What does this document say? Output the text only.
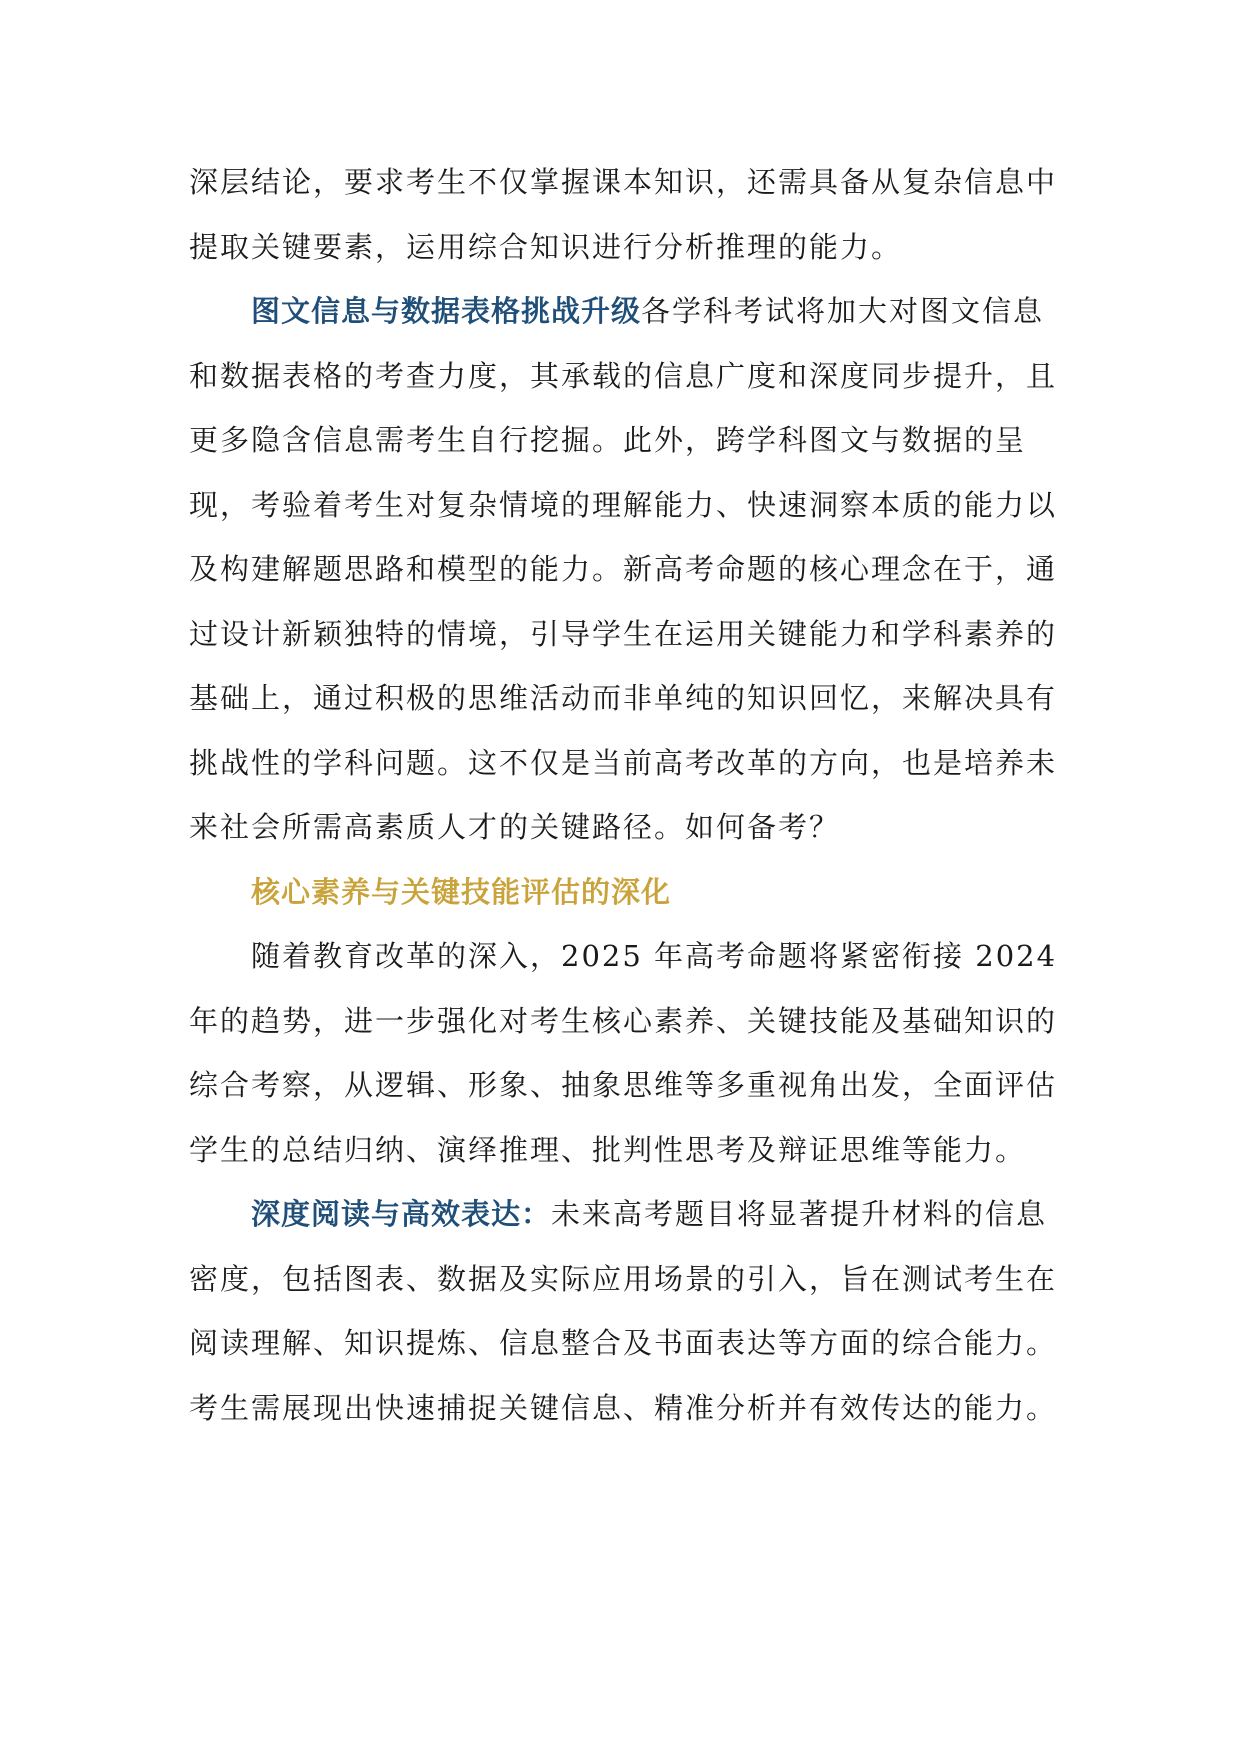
深层结论，要求考生不仅掌握课本知识，还需具备从复杂信息中提取关键要素，运用综合知识进行分析推理的能力。

图文信息与数据表格挑战升级各学科考试将加大对图文信息和数据表格的考查力度，其承载的信息广度和深度同步提升，且更多隐含信息需考生自行挖掘。此外，跨学科图文与数据的呈现，考验着考生对复杂情境的理解能力、快速洞察本质的能力以及构建解题思路和模型的能力。新高考命题的核心理念在于，通过设计新颖独特的情境，引导学生在运用关键能力和学科素养的基础上，通过积极的思维活动而非单纯的知识回忆，来解决具有挑战性的学科问题。这不仅是当前高考改革的方向，也是培养未来社会所需高素质人才的关键路径。如何备考？

核心素养与关键技能评估的深化

随着教育改革的深入，2025 年高考命题将紧密衔接 2024 年的趋势，进一步强化对考生核心素养、关键技能及基础知识的综合考察，从逻辑、形象、抽象思维等多重视角出发，全面评估学生的总结归纳、演绎推理、批判性思考及辩证思维等能力。

深度阅读与高效表达：未来高考题目将显著提升材料的信息密度，包括图表、数据及实际应用场景的引入，旨在测试考生在阅读理解、知识提炼、信息整合及书面表达等方面的综合能力。考生需展现出快速捕捉关键信息、精准分析并有效传达的能力。
